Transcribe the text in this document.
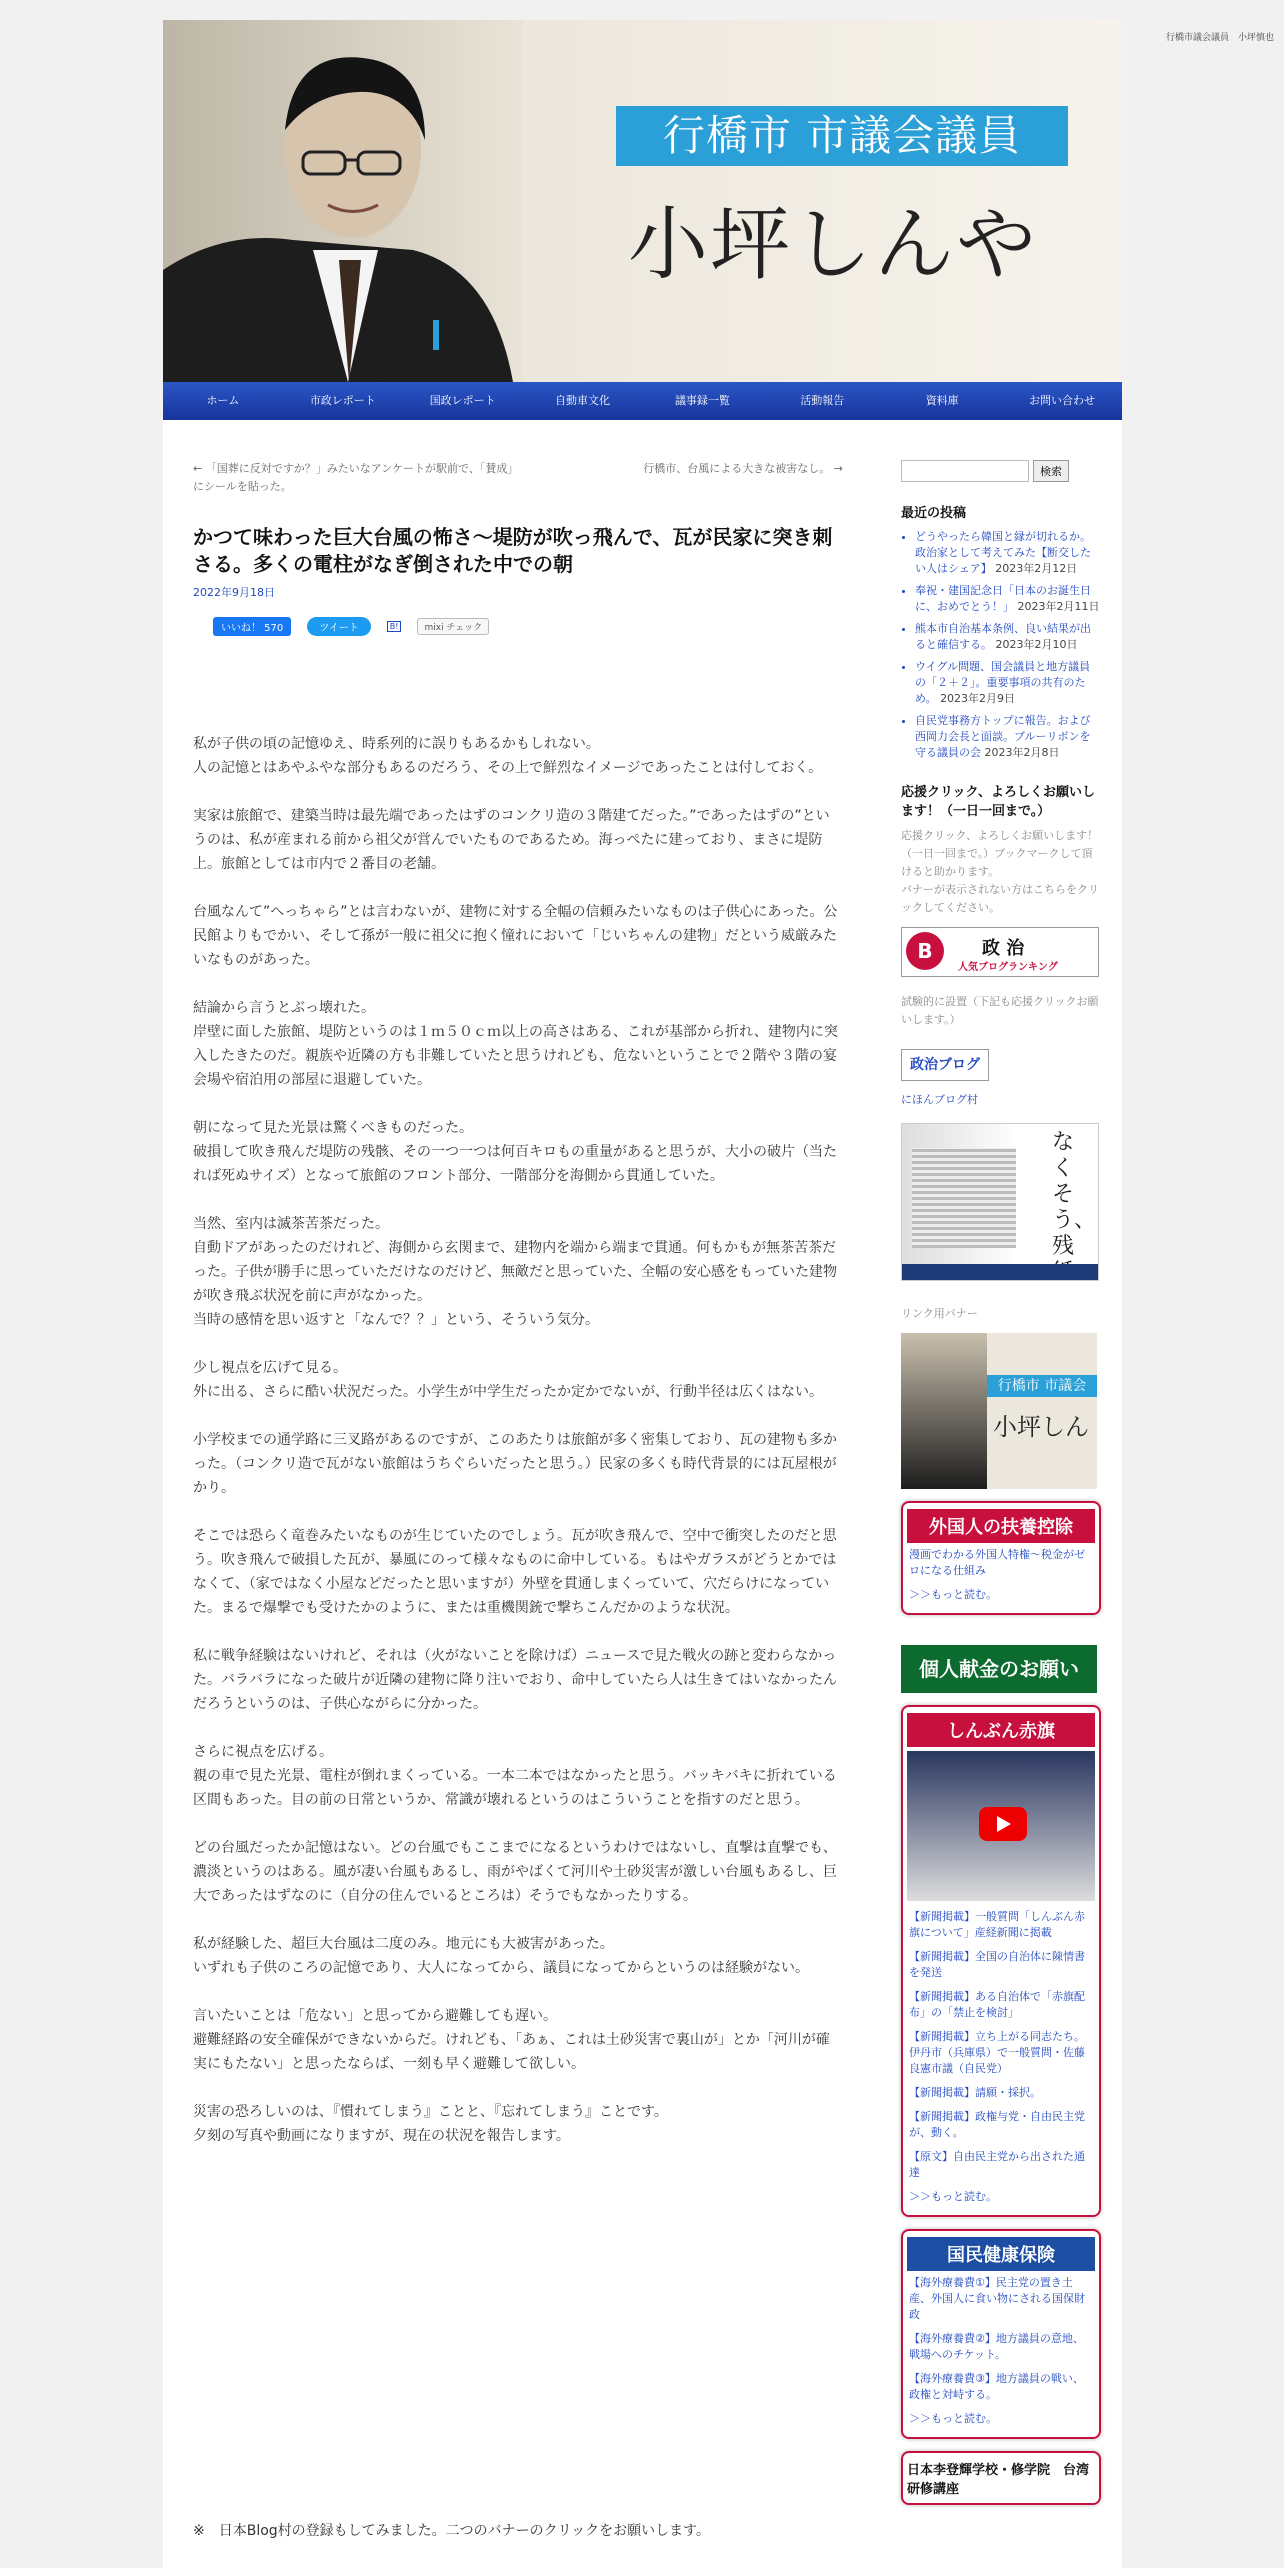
行橋市議会議員　小坪慎也
行橋市 市議会議員
小坪しんや
ホーム	市政レポート	国政レポート	自動車文化	議事録一覧	活動報告	資料庫	お問い合わせ
← 「国葬に反対ですか？」みたいなアンケートが駅前で、「賛成」にシールを貼った。
行橋市、台風による大きな被害なし。 →
かつて味わった巨大台風の怖さ～堤防が吹っ飛んで、瓦が民家に突き刺さる。多くの電柱がなぎ倒された中での朝
2022年9月18日
いいね！ 570	ツイート	B!	mixi チェック

私が子供の頃の記憶ゆえ、時系列的に誤りもあるかもしれない。
人の記憶とはあやふやな部分もあるのだろう、その上で鮮烈なイメージであったことは付しておく。

実家は旅館で、建築当時は最先端であったはずのコンクリ造の３階建てだった。”であったはずの”というのは、私が産まれる前から祖父が営んでいたものであるため。海っぺたに建っており、まさに堤防上。旅館としては市内で２番目の老舗。

台風なんて”へっちゃら”とは言わないが、建物に対する全幅の信頼みたいなものは子供心にあった。公民館よりもでかい、そして孫が一般に祖父に抱く憧れにおいて「じいちゃんの建物」だという威厳みたいなものがあった。

結論から言うとぶっ壊れた。
岸壁に面した旅館、堤防というのは１ｍ５０ｃｍ以上の高さはある、これが基部から折れ、建物内に突入したきたのだ。親族や近隣の方も非難していたと思うけれども、危ないということで２階や３階の宴会場や宿泊用の部屋に退避していた。

朝になって見た光景は驚くべきものだった。
破損して吹き飛んだ堤防の残骸、その一つ一つは何百キロもの重量があると思うが、大小の破片（当たれば死ぬサイズ）となって旅館のフロント部分、一階部分を海側から貫通していた。

当然、室内は滅茶苦茶だった。
自動ドアがあったのだけれど、海側から玄関まで、建物内を端から端まで貫通。何もかもが無茶苦茶だった。子供が勝手に思っていただけなのだけど、無敵だと思っていた、全幅の安心感をもっていた建物が吹き飛ぶ状況を前に声がなかった。
当時の感情を思い返すと「なんで？？」という、そういう気分。

少し視点を広げて見る。
外に出る、さらに酷い状況だった。小学生が中学生だったか定かでないが、行動半径は広くはない。

小学校までの通学路に三叉路があるのですが、このあたりは旅館が多く密集しており、瓦の建物も多かった。（コンクリ造で瓦がない旅館はうちぐらいだったと思う。）民家の多くも時代背景的には瓦屋根がかり。

そこでは恐らく竜巻みたいなものが生じていたのでしょう。瓦が吹き飛んで、空中で衝突したのだと思う。吹き飛んで破損した瓦が、暴風にのって様々なものに命中している。もはやガラスがどうとかではなくて、（家ではなく小屋などだったと思いますが）外壁を貫通しまくっていて、穴だらけになっていた。まるで爆撃でも受けたかのように、または重機関銃で撃ちこんだかのような状況。

私に戦争経験はないけれど、それは（火がないことを除けば）ニュースで見た戦火の跡と変わらなかった。バラバラになった破片が近隣の建物に降り注いでおり、命中していたら人は生きてはいなかったんだろうというのは、子供心ながらに分かった。

さらに視点を広げる。
親の車で見た光景、電柱が倒れまくっている。一本二本ではなかったと思う。バッキバキに折れている区間もあった。目の前の日常というか、常識が壊れるというのはこういうことを指すのだと思う。

どの台風だったか記憶はない。どの台風でもここまでになるというわけではないし、直撃は直撃でも、濃淡というのはある。風が凄い台風もあるし、雨がやばくて河川や土砂災害が激しい台風もあるし、巨大であったはずなのに（自分の住んでいるところは）そうでもなかったりする。

私が経験した、超巨大台風は二度のみ。地元にも大被害があった。
いずれも子供のころの記憶であり、大人になってから、議員になってからというのは経験がない。

言いたいことは「危ない」と思ってから避難しても遅い。
避難経路の安全確保ができないからだ。けれども、「あぁ、これは土砂災害で裏山が」とか「河川が確実にもたない」と思ったならば、一刻も早く避難して欲しい。

災害の恐ろしいのは、『慣れてしまう』ことと、『忘れてしまう』ことです。
夕刻の写真や動画になりますが、現在の状況を報告します。

※　日本Blog村の登録もしてみました。二つのバナーのクリックをお願いします。
検索
最近の投稿
• どうやったら韓国と縁が切れるか。政治家として考えてみた【断交したい人はシェア】 2023年2月12日
• 奉祝・建国記念日「日本のお誕生日に、おめでとう！」 2023年2月11日
• 熊本市自治基本条例、良い結果が出ると確信する。 2023年2月10日
• ウイグル問題、国会議員と地方議員の「２＋２」。重要事項の共有のため。 2023年2月9日
• 自民党事務方トップに報告。および西岡力会長と面談。ブルーリボンを守る議員の会 2023年2月8日
応援クリック、よろしくお願いします！（一日一回まで。）
応援クリック、よろしくお願いします！（一日一回まで。）ブックマークして頂けると助かります。
バナーが表示されない方はこちらをクリックしてください。
B	政 治
人気ブログランキング
試験的に設置（下記も応援クリックお願いします。）
政治ブログ
にほんブログ村
なくそう、残
リンク用バナー
行橋市 市議会
小坪しん
外国人の扶養控除
漫画でわかる外国人特権～税金がゼロになる仕組み
＞＞もっと読む。
個人献金のお願い
しんぶん赤旗
【新聞掲載】一般質問「しんぶん赤旗について」産経新聞に掲載
【新聞掲載】全国の自治体に陳情書を発送
【新聞掲載】ある自治体で「赤旗配布」の「禁止を検討」
【新聞掲載】立ち上がる同志たち。伊丹市（兵庫県）で一般質問・佐藤良憲市議（自民党）
【新聞掲載】請願・採択。
【新聞掲載】政権与党・自由民主党が、動く。
【原文】自由民主党から出された通達
＞＞もっと読む。
国民健康保険
【海外療養費①】民主党の置き土産、外国人に食い物にされる国保財政
【海外療養費②】地方議員の意地、戦場へのチケット。
【海外療養費③】地方議員の戦い、政権と対峙する。
＞＞もっと読む。
日本李登輝学校・修学院　台湾研修講座
